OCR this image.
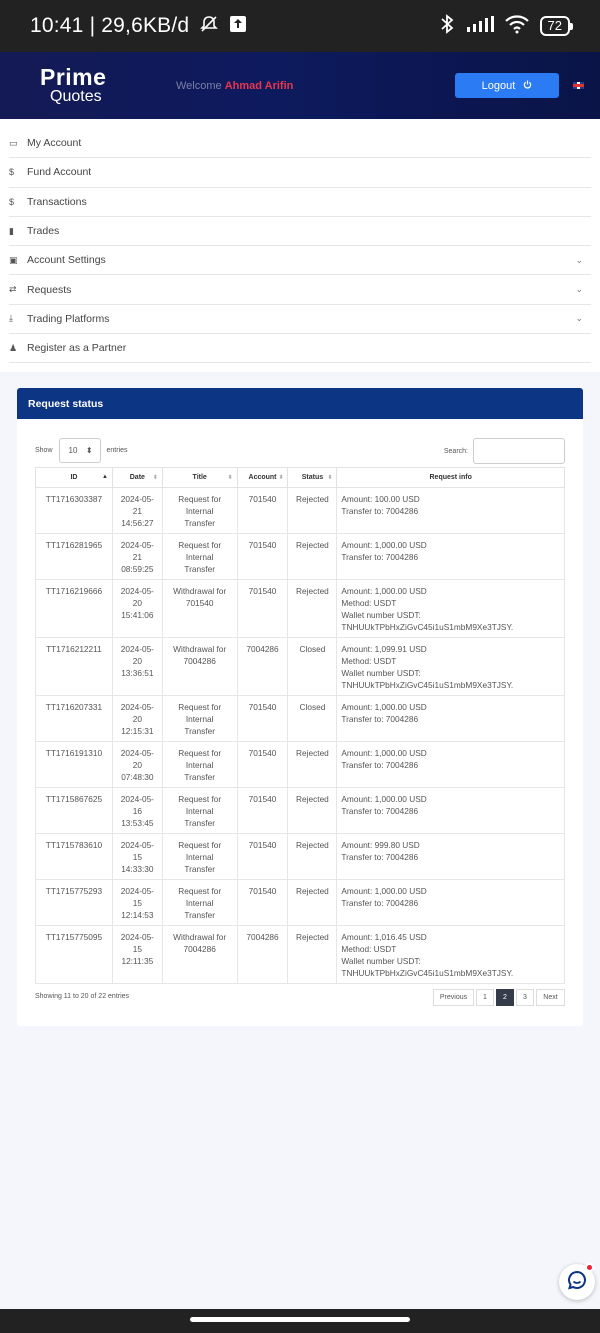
10:41 | 29,6KB/d	72
Prime
Quotes
Welcome Ahmad Arifin	Logout
▭ My Account
$	Fund Account
$	Transactions
▮	Trades
▣ Account Settings	⌄
⇄ Requests	⌄
⤓	Trading Platforms	⌄
♟ Register as a Partner
Request status
Show 10 ⬍ entries	Search:
ID ▲	Date ⬍	Title ⬍	Account ⬍	Status ⬍	Request info
TT1716303387	2024-05-
21
14:56:27	Request for
Internal
Transfer	701540	Rejected	Amount: 100.00 USD
Transfer to: 7004286
TT1716281965	2024-05-
21
08:59:25	Request for
Internal
Transfer	701540	Rejected	Amount: 1,000.00 USD
Transfer to: 7004286
TT1716219666	2024-05-
20
15:41:06	Withdrawal for
701540	701540	Rejected	Amount: 1,000.00 USD
Method: USDT
Wallet number USDT:
TNHUUkTPbHxZiGvC45i1uS1mbM9Xe3TJSY.
TT1716212211	2024-05-
20
13:36:51	Withdrawal for
7004286	7004286	Closed	Amount: 1,099.91 USD
Method: USDT
Wallet number USDT:
TNHUUkTPbHxZiGvC45i1uS1mbM9Xe3TJSY.
TT1716207331	2024-05-
20
12:15:31	Request for
Internal
Transfer	701540	Closed	Amount: 1,000.00 USD
Transfer to: 7004286
TT1716191310	2024-05-
20
07:48:30	Request for
Internal
Transfer	701540	Rejected	Amount: 1,000.00 USD
Transfer to: 7004286
TT1715867625	2024-05-
16
13:53:45	Request for
Internal
Transfer	701540	Rejected	Amount: 1,000.00 USD
Transfer to: 7004286
TT1715783610	2024-05-
15
14:33:30	Request for
Internal
Transfer	701540	Rejected	Amount: 999.80 USD
Transfer to: 7004286
TT1715775293	2024-05-
15
12:14:53	Request for
Internal
Transfer	701540	Rejected	Amount: 1,000.00 USD
Transfer to: 7004286
TT1715775095	2024-05-
15
12:11:35	Withdrawal for
7004286	7004286	Rejected	Amount: 1,016.45 USD
Method: USDT
Wallet number USDT:
TNHUUkTPbHxZiGvC45i1uS1mbM9Xe3TJSY.
Showing 11 to 20 of 22 entries	Previous	1	2	3	Next
